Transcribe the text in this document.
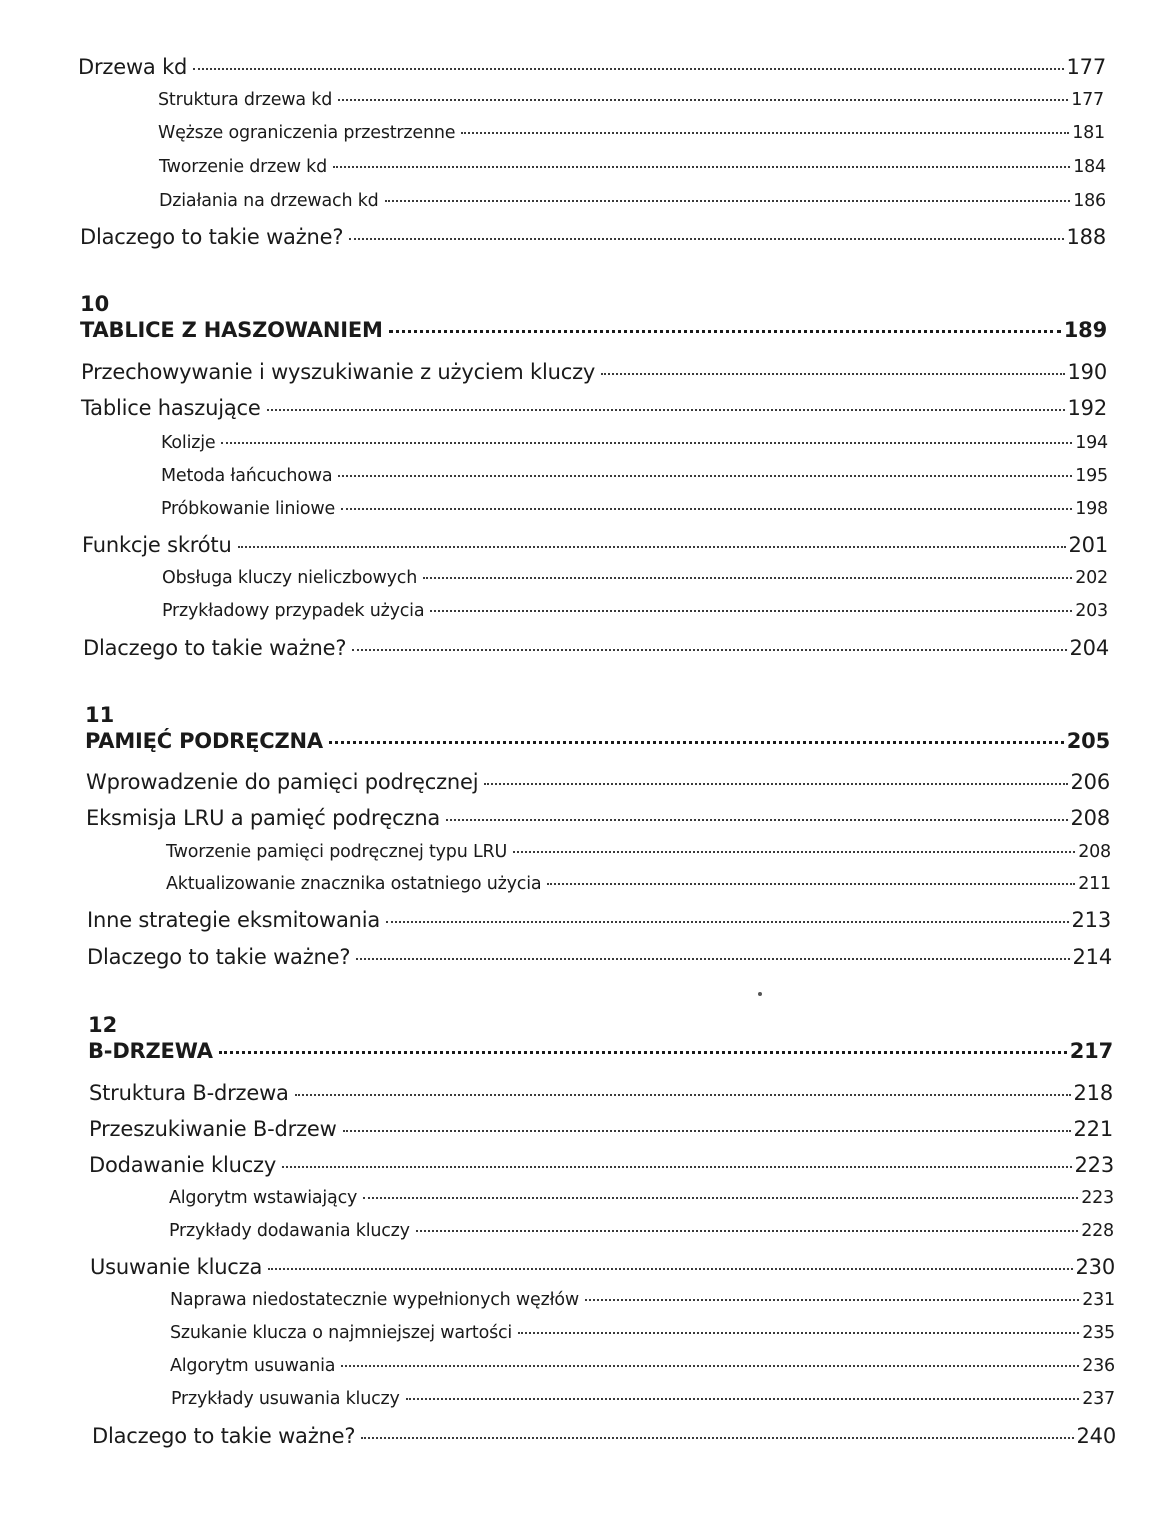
Drzewa kd	177
Struktura drzewa kd	177
Węższe ograniczenia przestrzenne	181
Tworzenie drzew kd	184
Działania na drzewach kd	186
Dlaczego to takie ważne?	188
10
TABLICE Z HASZOWANIEM	189
Przechowywanie i wyszukiwanie z użyciem kluczy	190
Tablice haszujące	192
Kolizje	194
Metoda łańcuchowa	195
Próbkowanie liniowe	198
Funkcje skrótu	201
Obsługa kluczy nieliczbowych	202
Przykładowy przypadek użycia	203
Dlaczego to takie ważne?	204
11
PAMIĘĆ PODRĘCZNA	205
Wprowadzenie do pamięci podręcznej	206
Eksmisja LRU a pamięć podręczna	208
Tworzenie pamięci podręcznej typu LRU	208
Aktualizowanie znacznika ostatniego użycia	211
Inne strategie eksmitowania	213
Dlaczego to takie ważne?	214
12
B-DRZEWA	217
Struktura B-drzewa	218
Przeszukiwanie B-drzew	221
Dodawanie kluczy	223
Algorytm wstawiający	223
Przykłady dodawania kluczy	228
Usuwanie klucza	230
Naprawa niedostatecznie wypełnionych węzłów	231
Szukanie klucza o najmniejszej wartości	235
Algorytm usuwania	236
Przykłady usuwania kluczy	237
Dlaczego to takie ważne?	240
